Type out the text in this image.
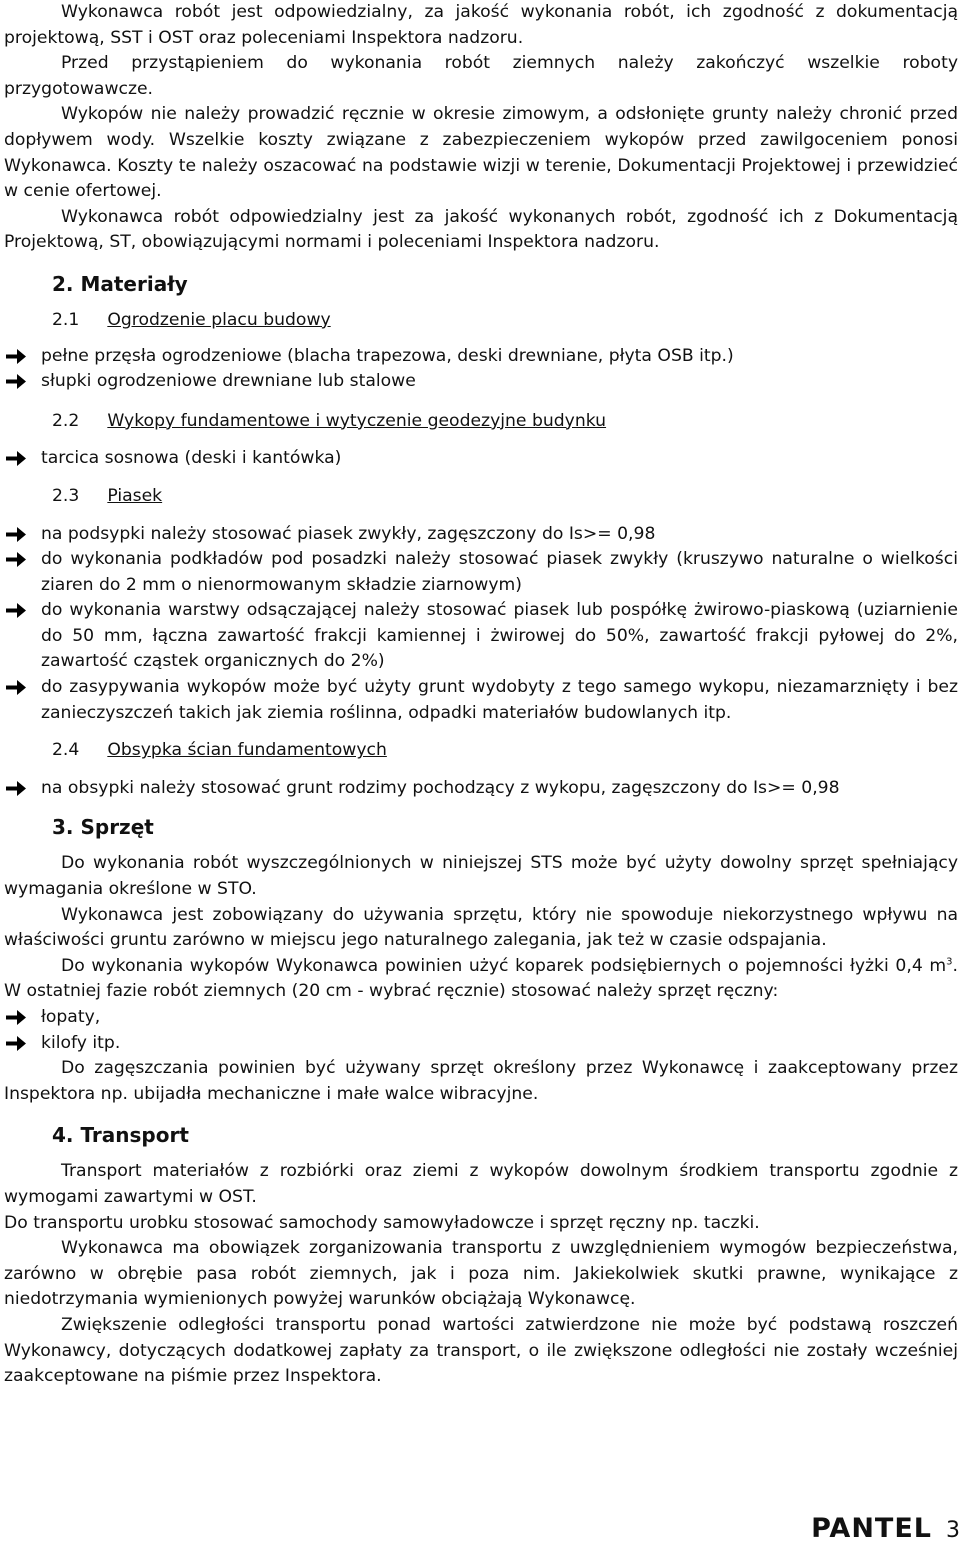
Wykonawca robót jest odpowiedzialny, za jakość wykonania robót, ich zgodność z dokumentacją projektową, SST i OST oraz poleceniami Inspektora nadzoru.

Przed przystąpieniem do wykonania robót ziemnych należy zakończyć wszelkie roboty przygotowawcze.

Wykopów nie należy prowadzić ręcznie w okresie zimowym, a odsłonięte grunty należy chronić przed dopływem wody. Wszelkie koszty związane z zabezpieczeniem wykopów przed zawilgoceniem ponosi Wykonawca. Koszty te należy oszacować na podstawie wizji w terenie, Dokumentacji Projektowej i przewidzieć w cenie ofertowej.

Wykonawca robót odpowiedzialny jest za jakość wykonanych robót, zgodność ich z Dokumentacją Projektową, ST, obowiązującymi normami i poleceniami Inspektora nadzoru.

2. Materiały

2.1 Ogrodzenie placu budowy

pełne przęsła ogrodzeniowe (blacha trapezowa, deski drewniane, płyta OSB itp.)

słupki ogrodzeniowe drewniane lub stalowe

2.2 Wykopy fundamentowe i wytyczenie geodezyjne budynku

tarcica sosnowa (deski i kantówka)

2.3 Piasek

na podsypki należy stosować piasek zwykły, zagęszczony do Is>= 0,98

do wykonania podkładów pod posadzki należy stosować piasek zwykły (kruszywo naturalne o wielkości ziaren do 2 mm o nienormowanym składzie ziarnowym)

do wykonania warstwy odsączającej należy stosować piasek lub pospółkę żwirowo-piaskową (uziarnienie do 50 mm, łączna zawartość frakcji kamiennej i żwirowej do 50%, zawartość frakcji pyłowej do 2%, zawartość cząstek organicznych do 2%)

do zasypywania wykopów może być użyty grunt wydobyty z tego samego wykopu, niezamarznięty i bez zanieczyszczeń takich jak ziemia roślinna, odpadki materiałów budowlanych itp.

2.4 Obsypka ścian fundamentowych

na obsypki należy stosować grunt rodzimy pochodzący z wykopu, zagęszczony do Is>= 0,98

3. Sprzęt

Do wykonania robót wyszczególnionych w niniejszej STS może być użyty dowolny sprzęt spełniający wymagania określone w STO.

Wykonawca jest zobowiązany do używania sprzętu, który nie spowoduje niekorzystnego wpływu na właściwości gruntu zarówno w miejscu jego naturalnego zalegania, jak też w czasie odspajania.

Do wykonania wykopów Wykonawca powinien użyć koparek podsiębiernych o pojemności łyżki 0,4 $m^3$. W ostatniej fazie robót ziemnych (20 cm - wybrać ręcznie) stosować należy sprzęt ręczny:

łopaty,

kilofy itp.

Do zagęszczania powinien być używany sprzęt określony przez Wykonawcę i zaakceptowany przez Inspektora np. ubijadła mechaniczne i małe walce wibracyjne.

4. Transport

Transport materiałów z rozbiórki oraz ziemi z wykopów dowolnym środkiem transportu zgodnie z wymogami zawartymi w OST.

Do transportu urobku stosować samochody samowyładowcze i sprzęt ręczny np. taczki.

Wykonawca ma obowiązek zorganizowania transportu z uwzględnieniem wymogów bezpieczeństwa, zarówno w obrębie pasa robót ziemnych, jak i poza nim. Jakiekolwiek skutki prawne, wynikające z niedotrzymania wymienionych powyżej warunków obciążają Wykonawcę.

Zwiększenie odległości transportu ponad wartości zatwierdzone nie może być podstawą roszczeń Wykonawcy, dotyczących dodatkowej zapłaty za transport, o ile zwiększone odległości nie zostały wcześniej zaakceptowane na piśmie przez Inspektora.

PANTEL 3
